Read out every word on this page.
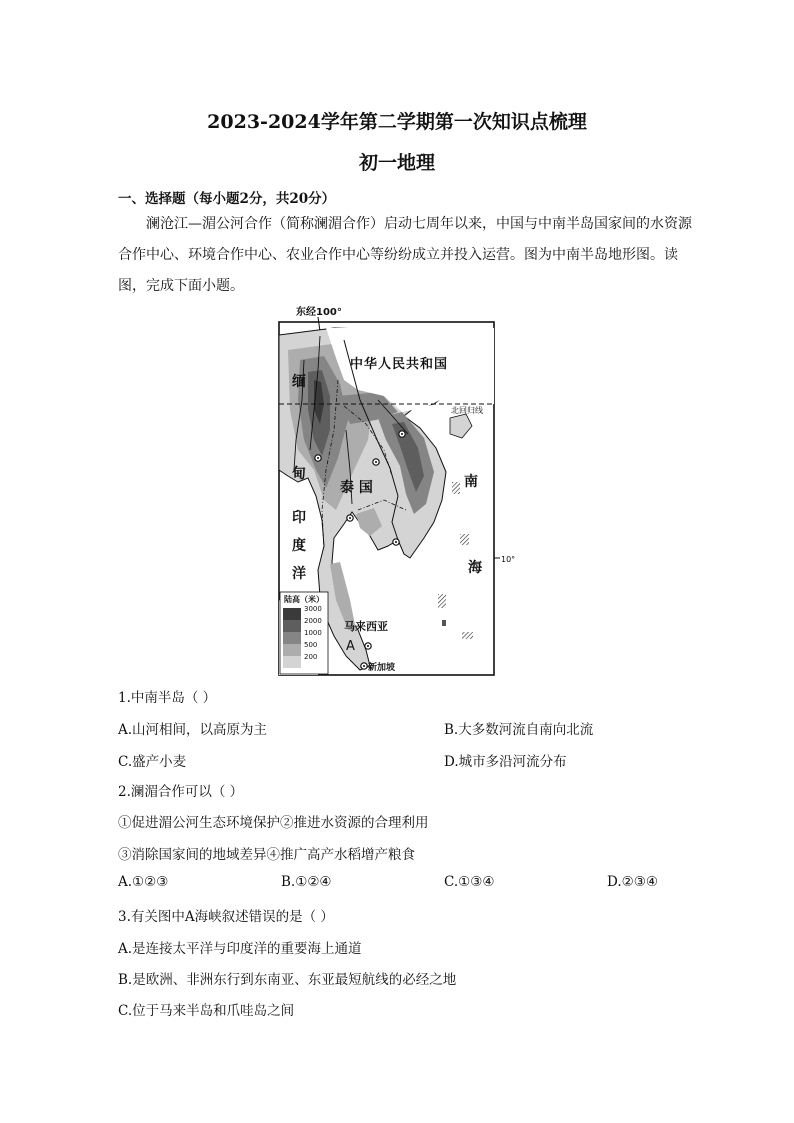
2023-2024学年第二学期第一次知识点梳理
初一地理
一、选择题（每小题2分，共20分）
澜沧江—湄公河合作（简称澜湄合作）启动七周年以来，中国与中南半岛国家间的水资源合作中心、环境合作中心、农业合作中心等纷纷成立并投入运营。图为中南半岛地形图。读图，完成下面小题。
东经100°
北回归线
中华人民共和国
缅
甸
泰 国
印
度
洋
南
海
10°
马来西亚
A
新加坡
陆高（米）
3000
2000
1000
500
200
1.中南半岛（ ）
A.山河相间，以高原为主	B.大多数河流自南向北流
C.盛产小麦	D.城市多沿河流分布
2.澜湄合作可以（ ）
①促进湄公河生态环境保护②推进水资源的合理利用
③消除国家间的地域差异④推广高产水稻增产粮食
A.①②③	B.①②④	C.①③④	D.②③④
3.有关图中A海峡叙述错误的是（ ）
A.是连接太平洋与印度洋的重要海上通道
B.是欧洲、非洲东行到东南亚、东亚最短航线的必经之地
C.位于马来半岛和爪哇岛之间
